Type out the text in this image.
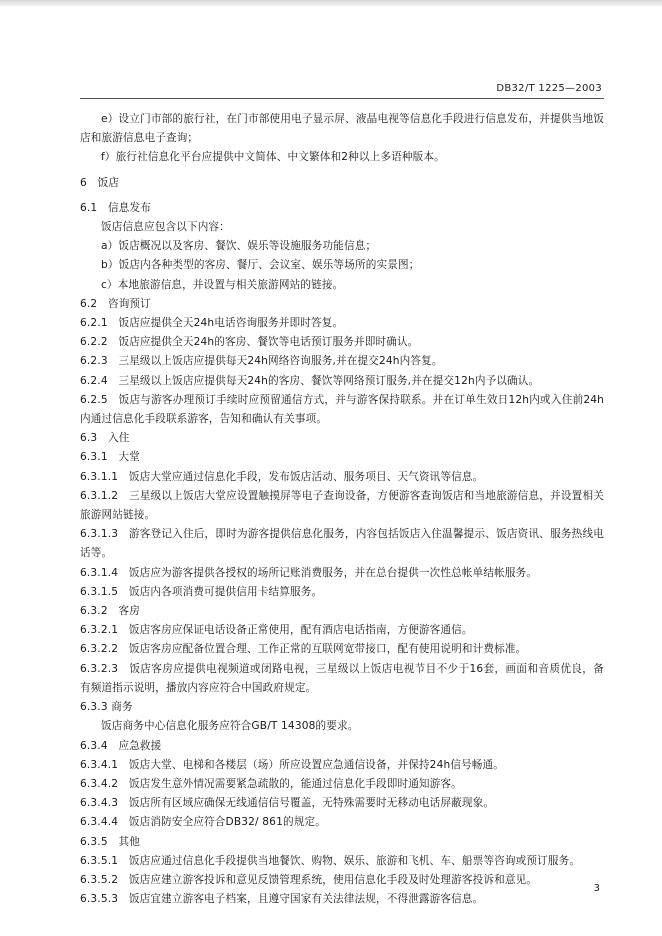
DB32/T 1225—2003

e）设立门市部的旅行社，在门市部使用电子显示屏、液晶电视等信息化手段进行信息发布，并提供当地饭店和旅游信息电子查询；

f）旅行社信息化平台应提供中文简体、中文繁体和2种以上多语种版本。

6　饭店

6.1　信息发布

饭店信息应包含以下内容：

a）饭店概况以及客房、餐饮、娱乐等设施服务功能信息；

b）饭店内各种类型的客房、餐厅、会议室、娱乐等场所的实景图；

c）本地旅游信息，并设置与相关旅游网站的链接。

6.2　咨询预订

6.2.1　饭店应提供全天24h电话咨询服务并即时答复。

6.2.2　饭店应提供全天24h的客房、餐饮等电话预订服务并即时确认。

6.2.3　三星级以上饭店应提供每天24h网络咨询服务,并在提交24h内答复。

6.2.4　三星级以上饭店应提供每天24h的客房、餐饮等网络预订服务,并在提交12h内予以确认。

6.2.5　饭店与游客办理预订手续时应预留通信方式，并与游客保持联系。并在订单生效日12h内或入住前24h内通过信息化手段联系游客，告知和确认有关事项。

6.3　入住

6.3.1　大堂

6.3.1.1　饭店大堂应通过信息化手段，发布饭店活动、服务项目、天气资讯等信息。

6.3.1.2　三星级以上饭店大堂应设置触摸屏等电子查询设备，方便游客查询饭店和当地旅游信息，并设置相关旅游网站链接。

6.3.1.3　游客登记入住后，即时为游客提供信息化服务，内容包括饭店入住温馨提示、饭店资讯、服务热线电话等。

6.3.1.4　饭店应为游客提供各授权的场所记账消费服务，并在总台提供一次性总帐单结帐服务。

6.3.1.5　饭店内各项消费可提供信用卡结算服务。

6.3.2　客房

6.3.2.1　饭店客房应保证电话设备正常使用，配有酒店电话指南，方便游客通信。

6.3.2.2　饭店客房应配备位置合理、工作正常的互联网宽带接口，配有使用说明和计费标准。

6.3.2.3　饭店客房应提供电视频道或闭路电视，三星级以上饭店电视节目不少于16套，画面和音质优良，备有频道指示说明，播放内容应符合中国政府规定。

6.3.3 商务

饭店商务中心信息化服务应符合GB/T 14308的要求。

6.3.4　应急救援

6.3.4.1　饭店大堂、电梯和各楼层（场）所应设置应急通信设备，并保持24h信号畅通。

6.3.4.2　饭店发生意外情况需要紧急疏散的，能通过信息化手段即时通知游客。

6.3.4.3　饭店所有区域应确保无线通信信号覆盖，无特殊需要时无移动电话屏蔽现象。

6.3.4.4　饭店消防安全应符合DB32/ 861的规定。

6.3.5　其他

6.3.5.1　饭店应通过信息化手段提供当地餐饮、购物、娱乐、旅游和飞机、车、船票等咨询或预订服务。

6.3.5.2　饭店应建立游客投诉和意见反馈管理系统，使用信息化手段及时处理游客投诉和意见。

6.3.5.3　饭店宜建立游客电子档案，且遵守国家有关法律法规，不得泄露游客信息。

3
